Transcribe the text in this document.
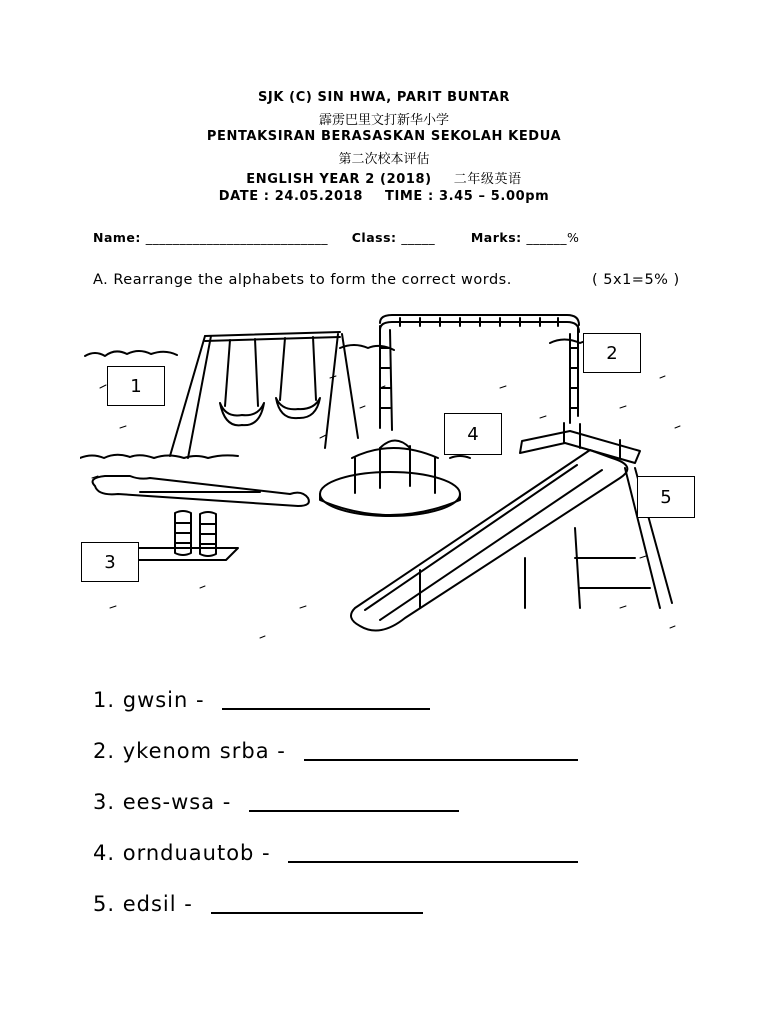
SJK (C) SIN HWA, PARIT BUNTAR
霹雳巴里文打新华小学
PENTAKSIRAN BERASASKAN SEKOLAH KEDUA
第二次校本评估
ENGLISH YEAR 2 (2018) 二年级英语
DATE : 24.05.2018 TIME : 3.45 – 5.00pm
Name: ___________________________ Class: _____	Marks: ______%
A. Rearrange the alphabets to form the correct words.	( 5x1=5% )
1
2
3
4
5
1. gwsin -
2. ykenom srba -
3. ees-wsa -
4. ornduautob -
5. edsil -
